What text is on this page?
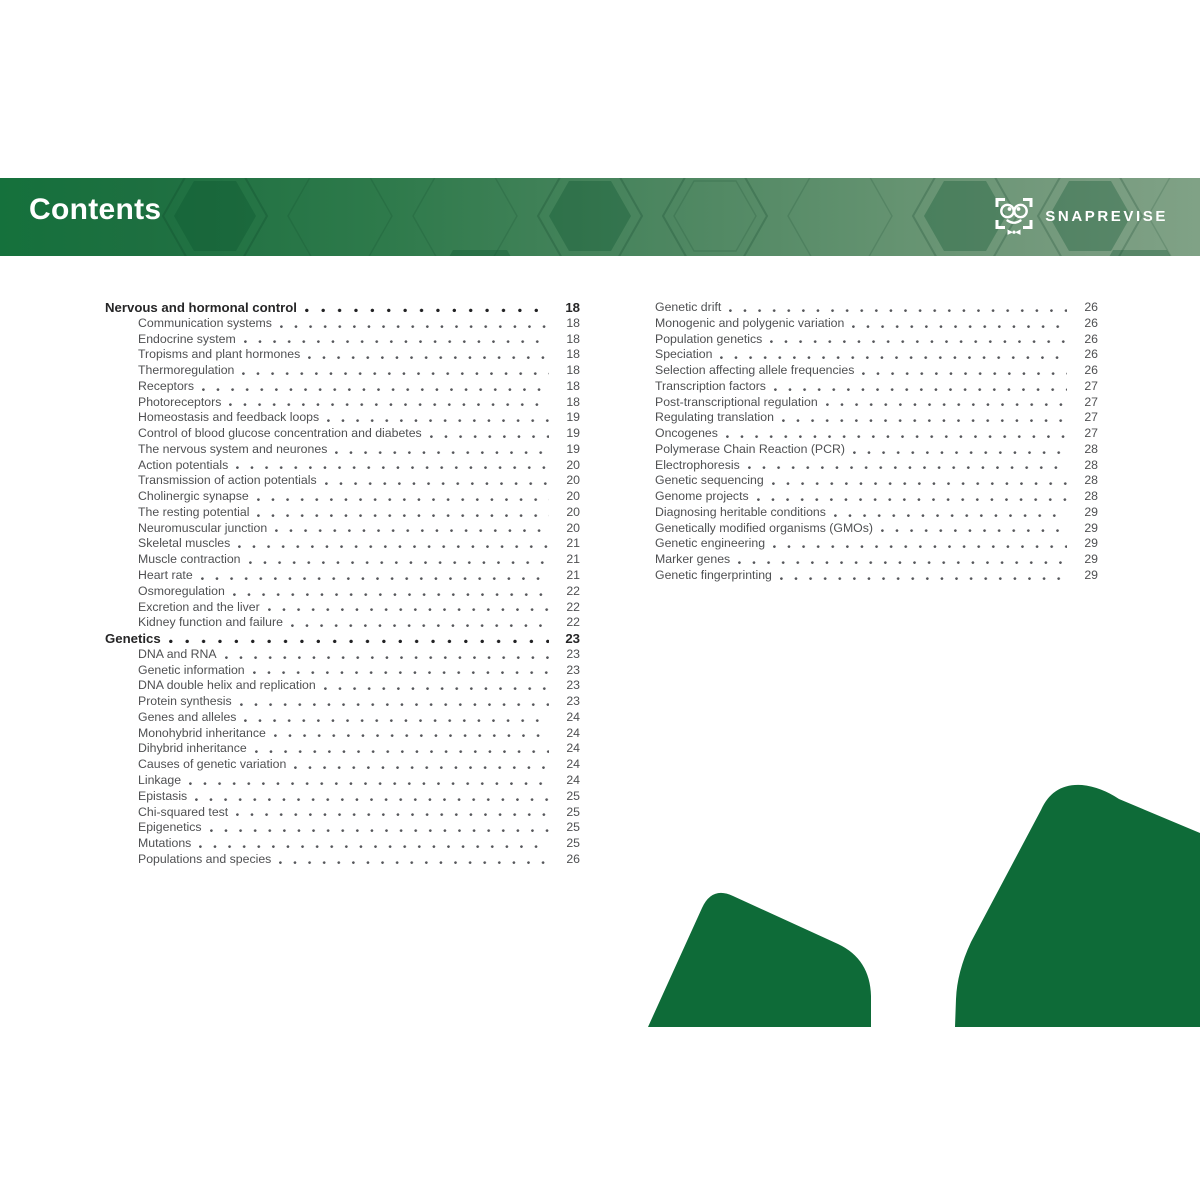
Contents	SNAPREVISE
Nervous and hormonal control	18
Communication systems	18
Endocrine system	18
Tropisms and plant hormones	18
Thermoregulation	18
Receptors	18
Photoreceptors	18
Homeostasis and feedback loops	19
Control of blood glucose concentration and diabetes	19
The nervous system and neurones	19
Action potentials	20
Transmission of action potentials	20
Cholinergic synapse	20
The resting potential	20
Neuromuscular junction	20
Skeletal muscles	21
Muscle contraction	21
Heart rate	21
Osmoregulation	22
Excretion and the liver	22
Kidney function and failure	22
Genetics	23
DNA and RNA	23
Genetic information	23
DNA double helix and replication	23
Protein synthesis	23
Genes and alleles	24
Monohybrid inheritance	24
Dihybrid inheritance	24
Causes of genetic variation	24
Linkage	24
Epistasis	25
Chi-squared test	25
Epigenetics	25
Mutations	25
Populations and species	26
Genetic drift	26
Monogenic and polygenic variation	26
Population genetics	26
Speciation	26
Selection affecting allele frequencies	26
Transcription factors	27
Post-transcriptional regulation	27
Regulating translation	27
Oncogenes	27
Polymerase Chain Reaction (PCR)	28
Electrophoresis	28
Genetic sequencing	28
Genome projects	28
Diagnosing heritable conditions	29
Genetically modified organisms (GMOs)	29
Genetic engineering	29
Marker genes	29
Genetic fingerprinting	29
